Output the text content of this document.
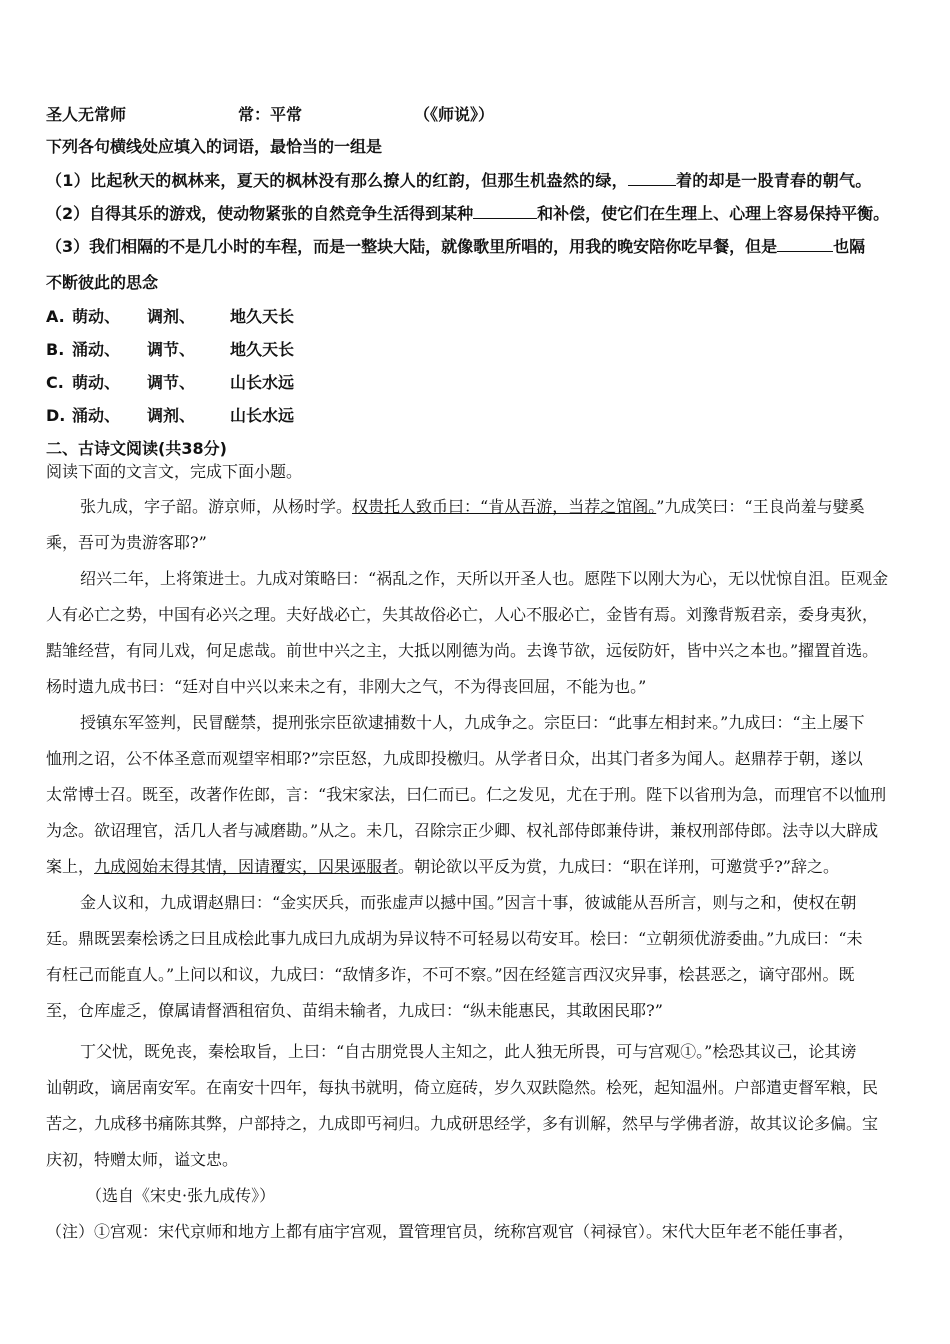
圣人无常师	常：平常	（《师说》）
下列各句横线处应填入的词语，最恰当的一组是
（1）比起秋天的枫林来，夏天的枫林没有那么撩人的红韵，但那生机盎然的绿，	着的却是一股青春的朝气。
（2）自得其乐的游戏，使动物紧张的自然竞争生活得到某种	和补偿，使它们在生理上、心理上容易保持平衡。
（3）我们相隔的不是几小时的车程，而是一整块大陆，就像歌里所唱的，用我的晚安陪你吃早餐，但是	也隔
不断彼此的思念
A. 萌动、 调剂、 地久天长
B. 涌动、 调节、 地久天长
C. 萌动、 调节、 山长水远
D. 涌动、 调剂、 山长水远
二、古诗文阅读(共38分)
阅读下面的文言文，完成下面小题。
张九成，字子韶。游京师，从杨时学。权贵托人致币曰：“肯从吾游，当荐之馆阁。”九成笑曰：“王良尚羞与嬖奚
乘，吾可为贵游客耶?”
绍兴二年，上将策进士。九成对策略曰：“祸乱之作，天所以开圣人也。愿陛下以刚大为心，无以忧惊自沮。臣观金
人有必亡之势，中国有必兴之理。夫好战必亡，失其故俗必亡，人心不服必亡，金皆有焉。刘豫背叛君亲，委身夷狄，
黠雏经营，有同儿戏，何足虑哉。前世中兴之主，大抵以刚德为尚。去谗节欲，远佞防奸，皆中兴之本也。”擢置首选。
杨时遗九成书曰：“廷对自中兴以来未之有，非刚大之气，不为得丧回屈，不能为也。”
授镇东军签判，民冒醝禁，提刑张宗臣欲逮捕数十人，九成争之。宗臣曰：“此事左相封来。”九成曰：“主上屡下
恤刑之诏，公不体圣意而观望宰相耶?”宗臣怒，九成即投檄归。从学者日众，出其门者多为闻人。赵鼎荐于朝，遂以
太常博士召。既至，改著作佐郎，言：“我宋家法，曰仁而已。仁之发见，尤在于刑。陛下以省刑为急，而理官不以恤刑
为念。欲诏理官，活几人者与减磨勘。”从之。未几，召除宗正少卿、权礼部侍郎兼侍讲，兼权刑部侍郎。法寺以大辟成
案上，九成阅始末得其情，因请覆实，囚果诬服者。朝论欲以平反为赏，九成曰：“职在详刑，可邀赏乎?”辞之。
金人议和，九成谓赵鼎曰：“金实厌兵，而张虚声以撼中国。”因言十事，彼诚能从吾所言，则与之和，使权在朝
廷。鼎既罢秦桧诱之曰且成桧此事九成曰九成胡为异议特不可轻易以苟安耳。桧曰：“立朝须优游委曲。”九成曰：“未
有枉己而能直人。”上问以和议，九成曰：“敌情多诈，不可不察。”因在经筵言西汉灾异事，桧甚恶之，谪守邵州。既
至，仓库虚乏，僚属请督酒租宿负、苗绢未输者，九成曰：“纵未能惠民，其敢困民耶?”
丁父忧，既免丧，秦桧取旨，上曰：“自古朋党畏人主知之，此人独无所畏，可与宫观①。”桧恐其议己，论其谤
讪朝政，谪居南安军。在南安十四年，每执书就明，倚立庭砖，岁久双趺隐然。桧死，起知温州。户部遣吏督军粮，民
苦之，九成移书痛陈其弊，户部持之，九成即丐祠归。九成研思经学，多有训解，然早与学佛者游，故其议论多偏。宝
庆初，特赠太师，谥文忠。
（选自《宋史·张九成传》）
（注）①宫观：宋代京师和地方上都有庙宇宫观，置管理官员，统称宫观官（祠禄官）。宋代大臣年老不能任事者，
